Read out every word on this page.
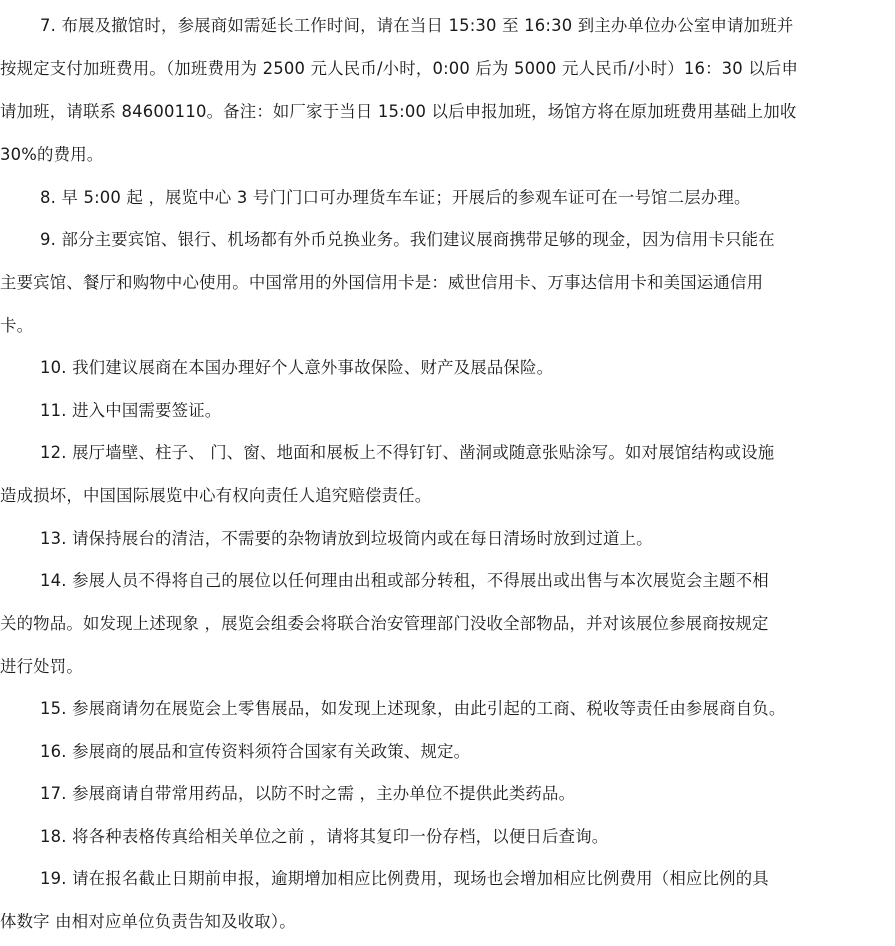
7. 布展及撤馆时，参展商如需延长工作时间，请在当日 15:30 至 16:30 到主办单位办公室申请加班并
按规定支付加班费用。（加班费用为 2500 元人民币/小时，0:00 后为 5000 元人民币/小时）16：30 以后申
请加班，请联系 84600110。备注：如厂家于当日 15:00 以后申报加班，场馆方将在原加班费用基础上加收
30%的费用。
8. 早 5:00 起 ，展览中心 3 号门门口可办理货车车证；开展后的参观车证可在一号馆二层办理。
9. 部分主要宾馆、银行、机场都有外币兑换业务。我们建议展商携带足够的现金，因为信用卡只能在
主要宾馆、餐厅和购物中心使用。中国常用的外国信用卡是：威世信用卡、万事达信用卡和美国运通信用
卡。
10. 我们建议展商在本国办理好个人意外事故保险、财产及展品保险。
11. 进入中国需要签证。
12. 展厅墙壁、柱子、 门、窗、地面和展板上不得钉钉、凿洞或随意张贴涂写。如对展馆结构或设施
造成损坏，中国国际展览中心有权向责任人追究赔偿责任。
13. 请保持展台的清洁，不需要的杂物请放到垃圾筒内或在每日清场时放到过道上。
14. 参展人员不得将自己的展位以任何理由出租或部分转租，不得展出或出售与本次展览会主题不相
关的物品。如发现上述现象 ，展览会组委会将联合治安管理部门没收全部物品，并对该展位参展商按规定
进行处罚。
15. 参展商请勿在展览会上零售展品，如发现上述现象，由此引起的工商、税收等责任由参展商自负。
16. 参展商的展品和宣传资料须符合国家有关政策、规定。
17. 参展商请自带常用药品，以防不时之需 ，主办单位不提供此类药品。
18. 将各种表格传真给相关单位之前 ，请将其复印一份存档，以便日后查询。
19. 请在报名截止日期前申报，逾期增加相应比例费用，现场也会增加相应比例费用（相应比例的具
体数字 由相对应单位负责告知及收取）。
